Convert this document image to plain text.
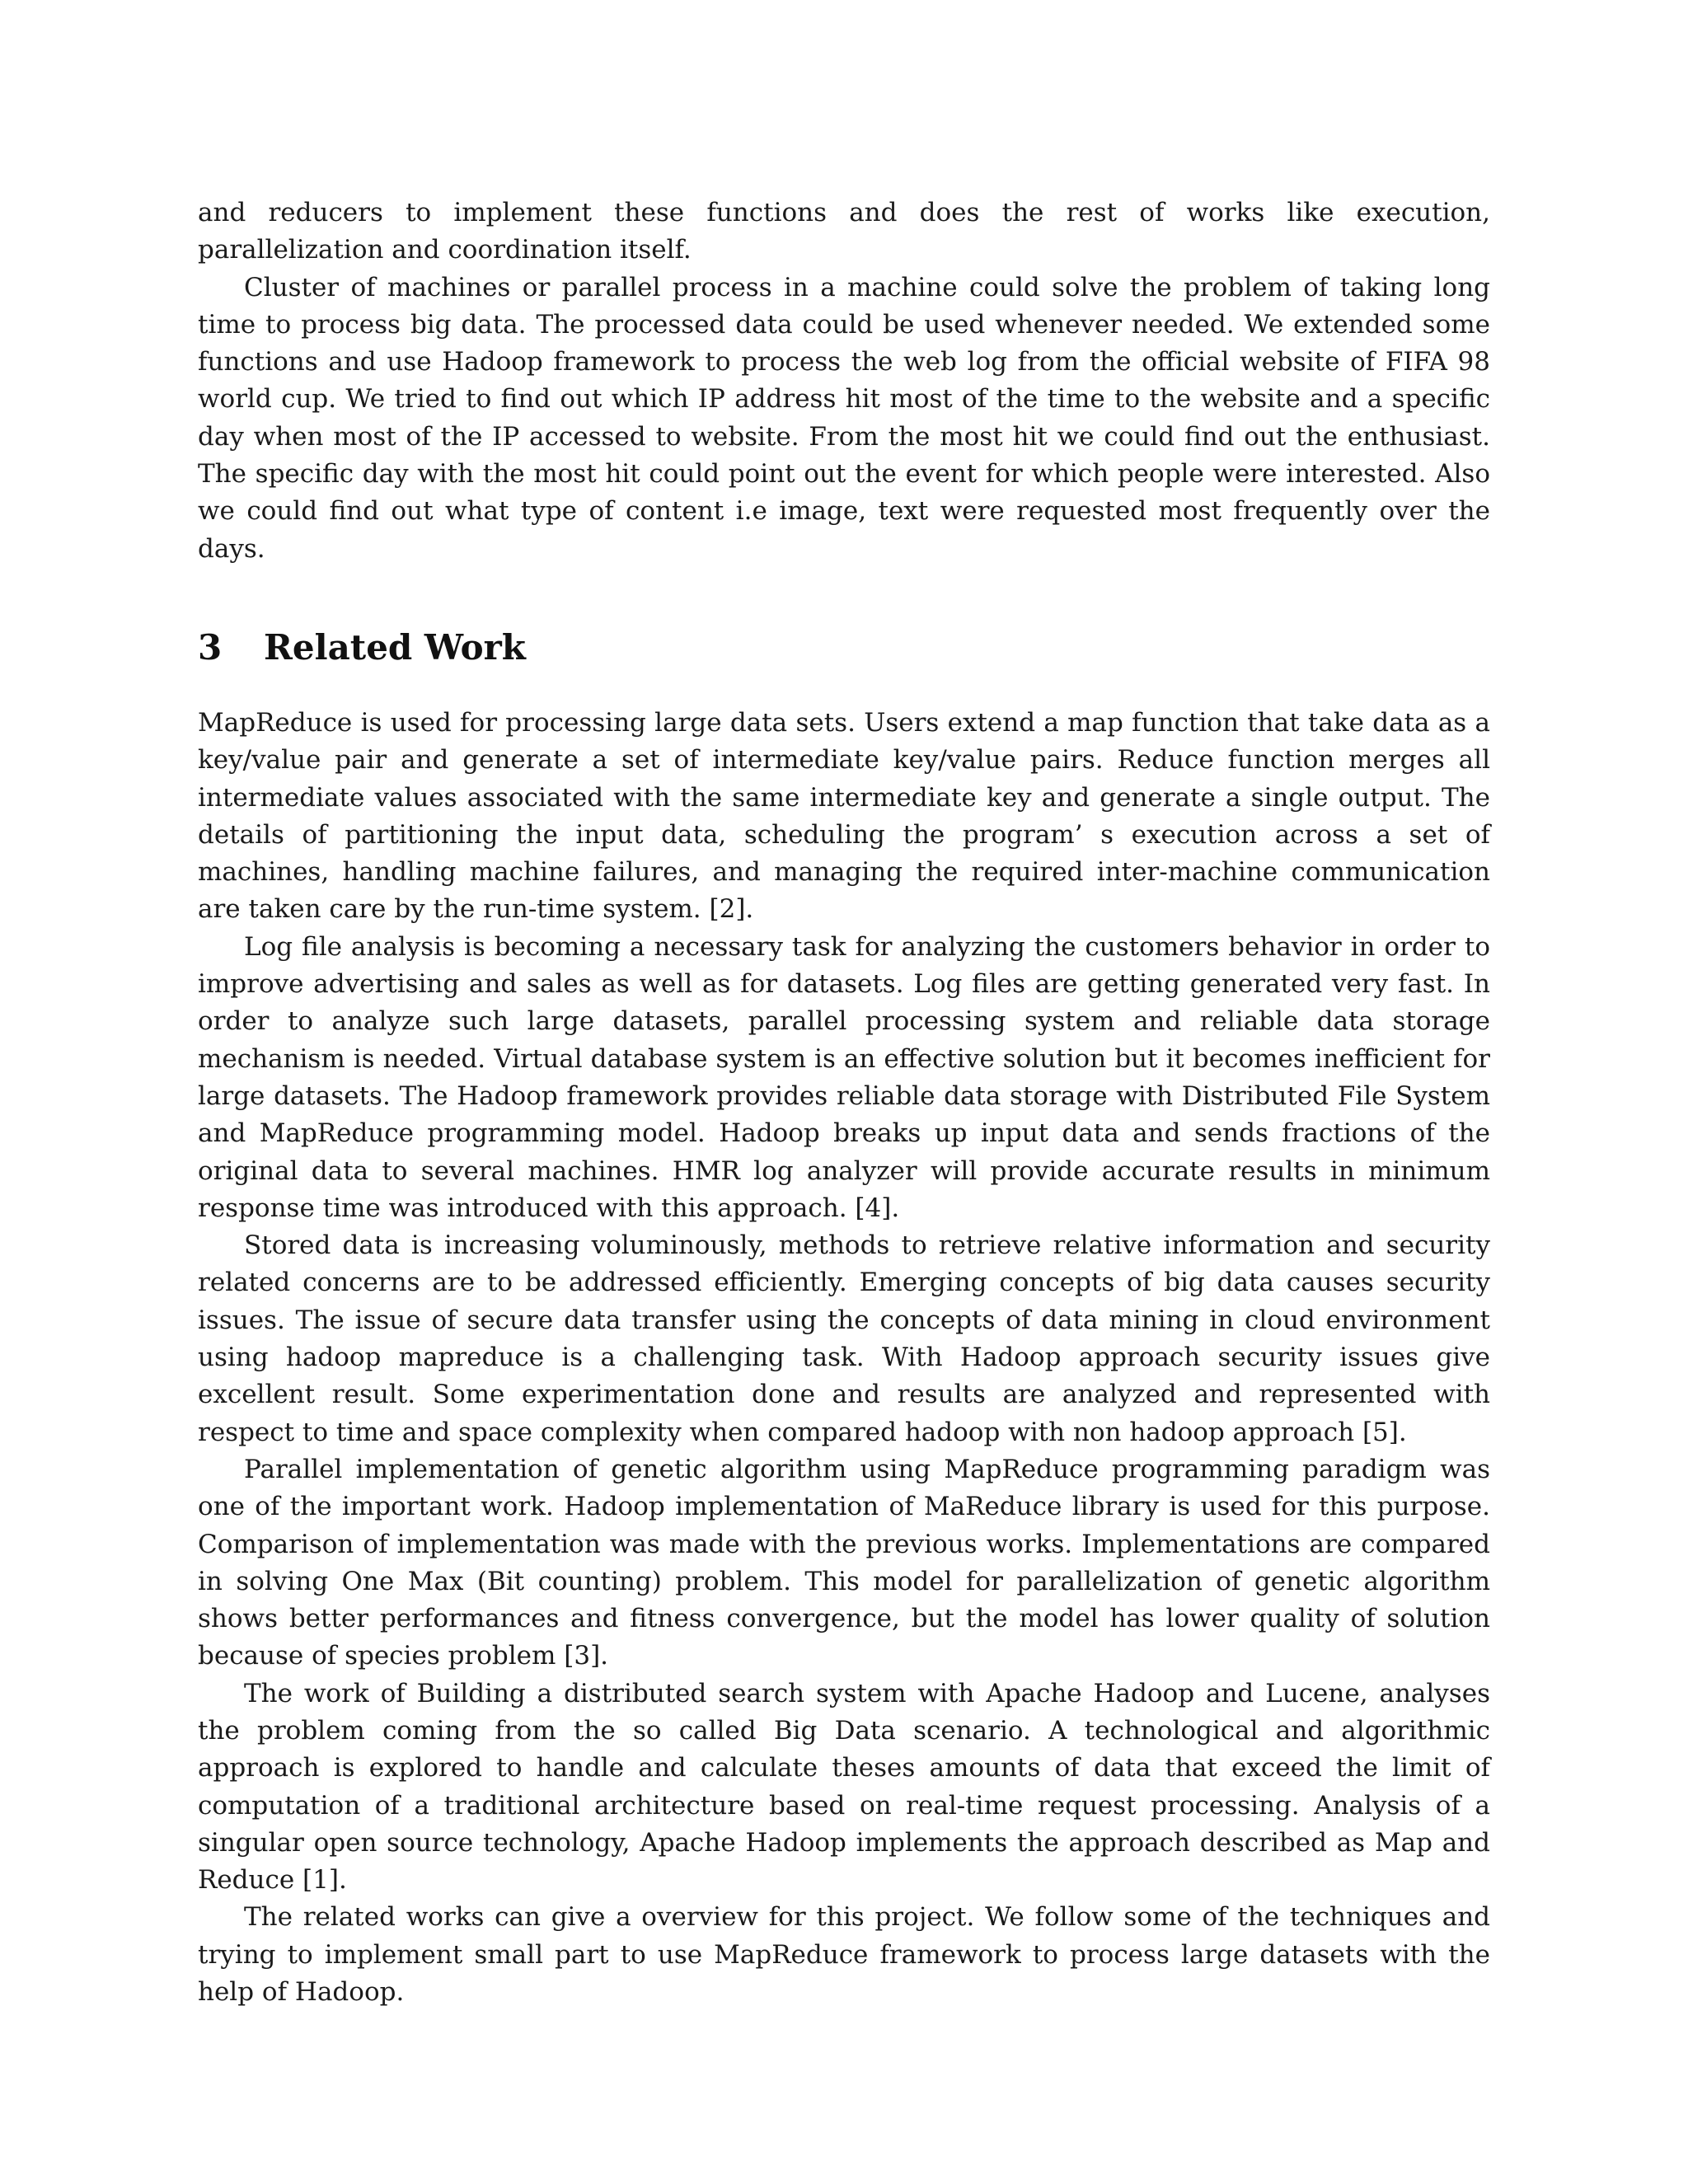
and reducers to implement these functions and does the rest of works like execution, parallelization and coordination itself.

Cluster of machines or parallel process in a machine could solve the problem of taking long time to process big data. The processed data could be used whenever needed. We extended some functions and use Hadoop framework to process the web log from the official website of FIFA 98 world cup. We tried to find out which IP address hit most of the time to the website and a specific day when most of the IP accessed to website. From the most hit we could find out the enthusiast. The specific day with the most hit could point out the event for which people were interested. Also we could find out what type of content i.e image, text were requested most frequently over the days.

3 Related Work

MapReduce is used for processing large data sets. Users extend a map function that take data as a key/value pair and generate a set of intermediate key/value pairs. Reduce function merges all intermediate values associated with the same intermediate key and generate a single output. The details of partitioning the input data, scheduling the program’ s execution across a set of machines, handling machine failures, and managing the required inter-machine communication are taken care by the run-time system. [2].

Log file analysis is becoming a necessary task for analyzing the customers behavior in order to improve advertising and sales as well as for datasets. Log files are getting generated very fast. In order to analyze such large datasets, parallel processing system and reliable data storage mechanism is needed. Virtual database system is an effective solution but it becomes inefficient for large datasets. The Hadoop framework provides reliable data storage with Distributed File System and MapReduce programming model. Hadoop breaks up input data and sends fractions of the original data to several machines. HMR log analyzer will provide accurate results in minimum response time was introduced with this approach. [4].

Stored data is increasing voluminously, methods to retrieve relative information and security related concerns are to be addressed efficiently. Emerging concepts of big data causes security issues. The issue of secure data transfer using the concepts of data mining in cloud environment using hadoop mapreduce is a challenging task. With Hadoop approach security issues give excellent result. Some experimentation done and results are analyzed and represented with respect to time and space complexity when compared hadoop with non hadoop approach [5].

Parallel implementation of genetic algorithm using MapReduce programming paradigm was one of the important work. Hadoop implementation of MaReduce library is used for this purpose. Comparison of implementation was made with the previous works. Implementations are compared in solving One Max (Bit counting) problem. This model for parallelization of genetic algorithm shows better performances and fitness convergence, but the model has lower quality of solution because of species problem [3].

The work of Building a distributed search system with Apache Hadoop and Lucene, analyses the problem coming from the so called Big Data scenario. A technological and algorithmic approach is explored to handle and calculate theses amounts of data that exceed the limit of computation of a traditional architecture based on real-time request processing. Analysis of a singular open source technology, Apache Hadoop implements the approach described as Map and Reduce [1].

The related works can give a overview for this project. We follow some of the techniques and trying to implement small part to use MapReduce framework to process large datasets with the help of Hadoop.
